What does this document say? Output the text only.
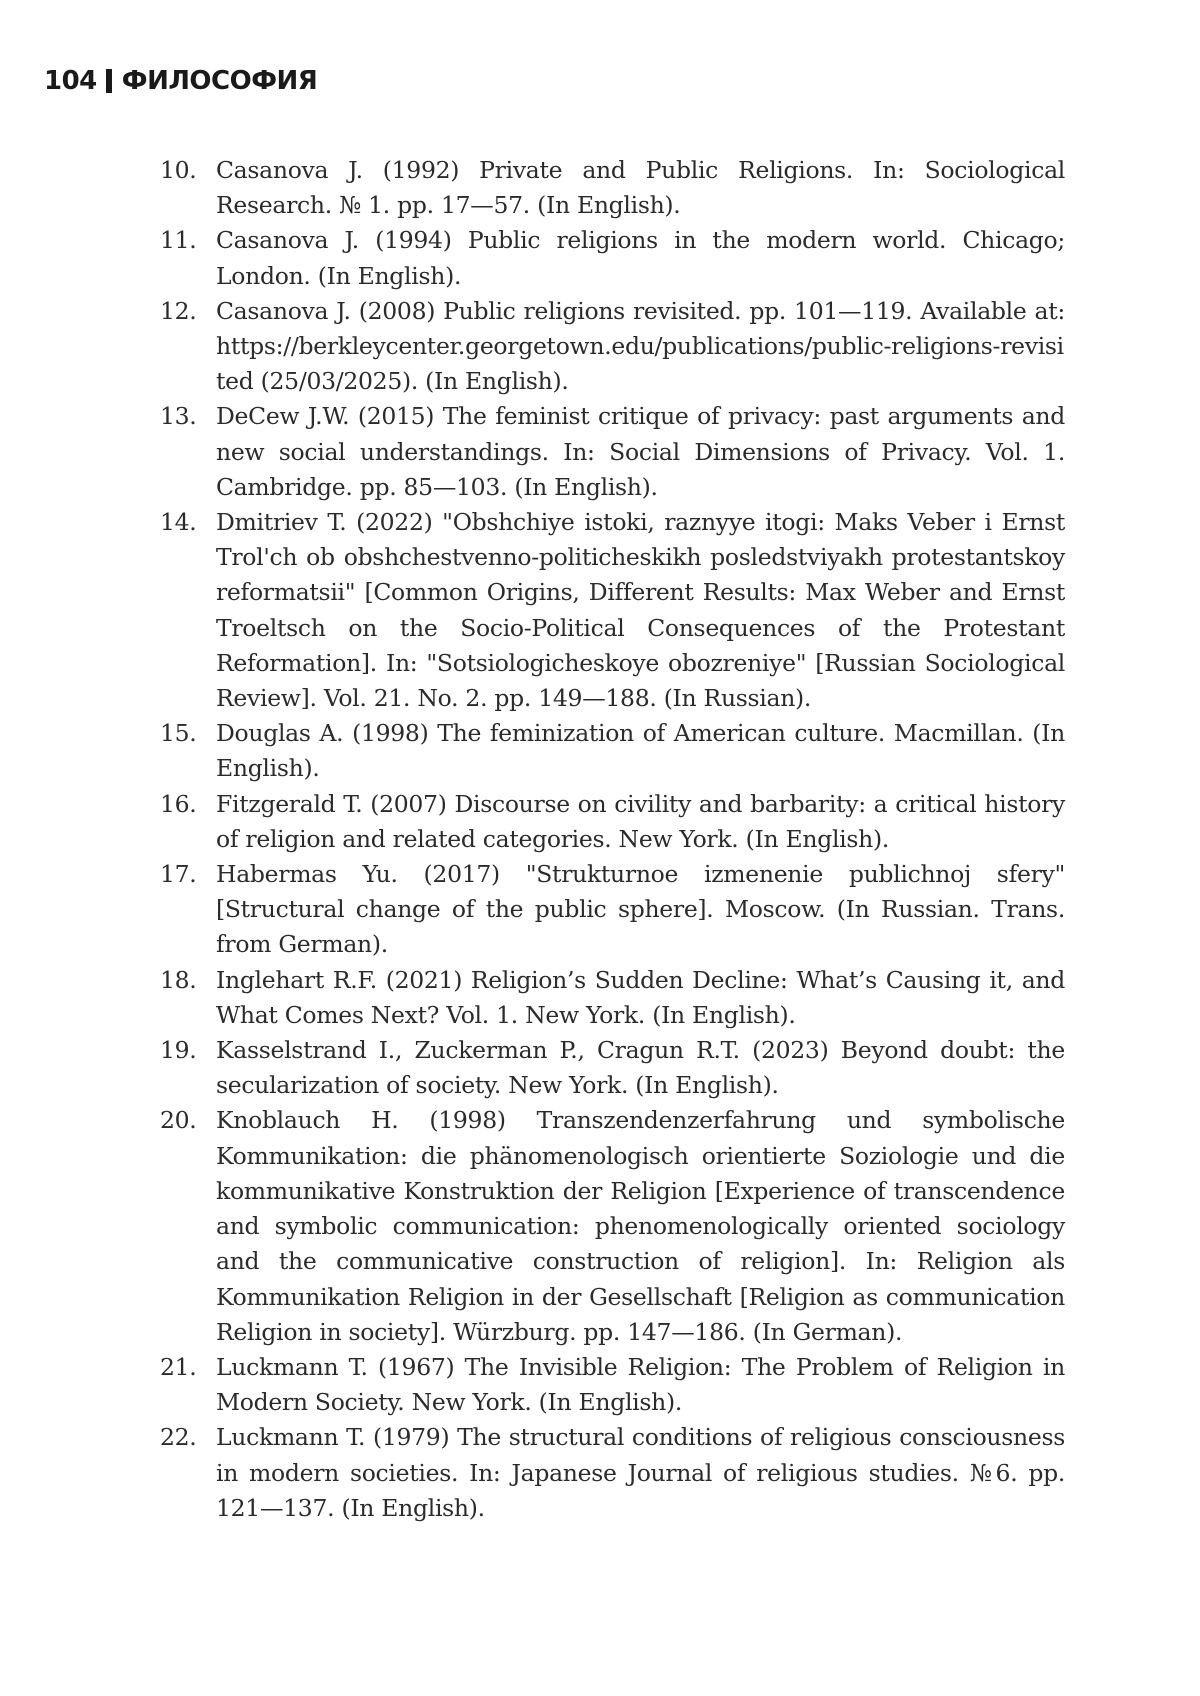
104 ФИЛОСОФИЯ
10. Casanova J. (1992) Private and Public Religions. In: Sociological Research. № 1. pp. 17—57. (In English).
11. Casanova J. (1994) Public religions in the modern world. Chicago; London. (In English).
12. Casanova J. (2008) Public religions revisited. pp. 101—119. Available at: https://berkleycenter.georgetown.edu/publications/public-religions-revisited (25/03/2025). (In English).
13. DeCew J.W. (2015) The feminist critique of privacy: past arguments and new social understandings. In: Social Dimensions of Privacy. Vol. 1. Cambridge. pp. 85—103. (In English).
14. Dmitriev T. (2022) "Obshchiye istoki, raznyye itogi: Maks Veber i Ernst Trol'ch ob obshchestvenno-politicheskikh posledstviyakh protestantskoy reformatsii" [Common Origins, Different Results: Max Weber and Ernst Troeltsch on the Socio-Political Consequences of the Protestant Reformation]. In: "Sotsiologicheskoye obozreniye" [Russian Sociological Review]. Vol. 21. No. 2. pp. 149—188. (In Russian).
15. Douglas A. (1998) The feminization of American culture. Macmillan. (In English).
16. Fitzgerald T. (2007) Discourse on civility and barbarity: a critical history of religion and related categories. New York. (In English).
17. Habermas Yu. (2017) "Strukturnoe izmenenie publichnoj sfery" [Structural change of the public sphere]. Moscow. (In Russian. Trans. from German).
18. Inglehart R.F. (2021) Religion’s Sudden Decline: What’s Causing it, and What Comes Next? Vol. 1. New York. (In English).
19. Kasselstrand I., Zuckerman P., Cragun R.T. (2023) Beyond doubt: the secularization of society. New York. (In English).
20. Knoblauch H. (1998) Transzendenzerfahrung und symbolische Kommunikation: die phänomenologisch orientierte Soziologie und die kommunikative Konstruktion der Religion [Experience of transcendence and symbolic communication: phenomenologically oriented sociology and the communicative construction of religion]. In: Religion als Kommunikation Religion in der Gesellschaft [Religion as communication Religion in society]. Würzburg. pp. 147—186. (In German).
21. Luckmann T. (1967) The Invisible Religion: The Problem of Religion in Modern Society. New York. (In English).
22. Luckmann T. (1979) The structural conditions of religious consciousness in modern societies. In: Japanese Journal of religious studies. №6. pp. 121—137. (In English).
